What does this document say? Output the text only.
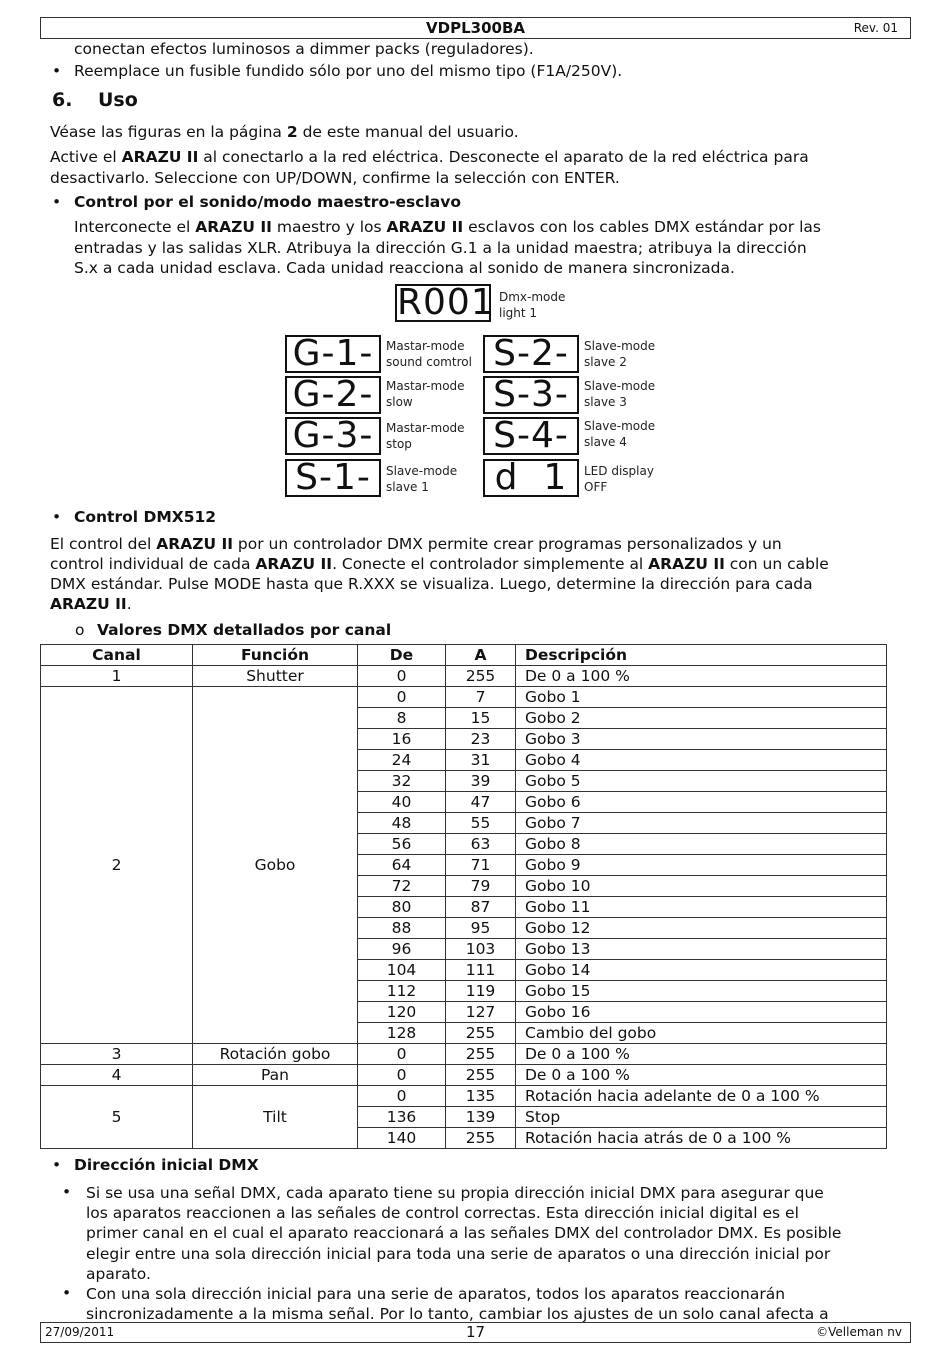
VDPL300BA	Rev. 01

conectan efectos luminosos a dimmer packs (reguladores).

• Reemplace un fusible fundido sólo por uno del mismo tipo (F1A/250V).
6. Uso

Véase las figuras en la página 2 de este manual del usuario.

Active el ARAZU II al conectarlo a la red eléctrica. Desconecte el aparato de la red eléctrica para

desactivarlo. Seleccione con UP/DOWN, confirme la selección con ENTER.

• Control por el sonido/modo maestro-esclavo

Interconecte el ARAZU II maestro y los ARAZU II esclavos con los cables DMX estándar por las

entradas y las salidas XLR. Atribuya la dirección G.1 a la unidad maestra; atribuya la dirección

S.x a cada unidad esclava. Cada unidad reacciona al sonido de manera sincronizada.

R001 Dmx-mode
light 1
G-1-	Mastar-mode
sound comtrol
G-2-	Mastar-mode
slow
G-3-	Mastar-mode
stop
S-1-	Slave-mode
slave 1
S-2-	Slave-mode
slave 2
S-3-	Slave-mode
slave 3
S-4-	Slave-mode
slave 4
d  1	LED display
OFF
• Control DMX512

El control del ARAZU II por un controlador DMX permite crear programas personalizados y un

control individual de cada ARAZU II. Conecte el controlador simplemente al ARAZU II con un cable

DMX estándar. Pulse MODE hasta que R.XXX se visualiza. Luego, determine la dirección para cada

ARAZU II.

o Valores DMX detallados por canal
Canal	Función	De	A	Descripción
1	Shutter	0	255	De 0 a 100 %
2	Gobo	0	7	Gobo 1
		8	15	Gobo 2
		16	23	Gobo 3
		24	31	Gobo 4
		32	39	Gobo 5
		40	47	Gobo 6
		48	55	Gobo 7
		56	63	Gobo 8
		64	71	Gobo 9
		72	79	Gobo 10
		80	87	Gobo 11
		88	95	Gobo 12
		96	103	Gobo 13
		104	111	Gobo 14
		112	119	Gobo 15
		120	127	Gobo 16
		128	255	Cambio del gobo
3	Rotación gobo	0	255	De 0 a 100 %
4	Pan	0	255	De 0 a 100 %
5	Tilt	0	135	Rotación hacia adelante de 0 a 100 %
		136	139	Stop
		140	255	Rotación hacia atrás de 0 a 100 %
• Dirección inicial DMX
• Si se usa una señal DMX, cada aparato tiene su propia dirección inicial DMX para asegurar que
los aparatos reaccionen a las señales de control correctas. Esta dirección inicial digital es el
primer canal en el cual el aparato reaccionará a las señales DMX del controlador DMX. Es posible
elegir entre una sola dirección inicial para toda una serie de aparatos o una dirección inicial por
aparato.
• Con una sola dirección inicial para una serie de aparatos, todos los aparatos reaccionarán
sincronizadamente a la misma señal. Por lo tanto, cambiar los ajustes de un solo canal afecta a
27/09/2011	17	©Velleman nv
